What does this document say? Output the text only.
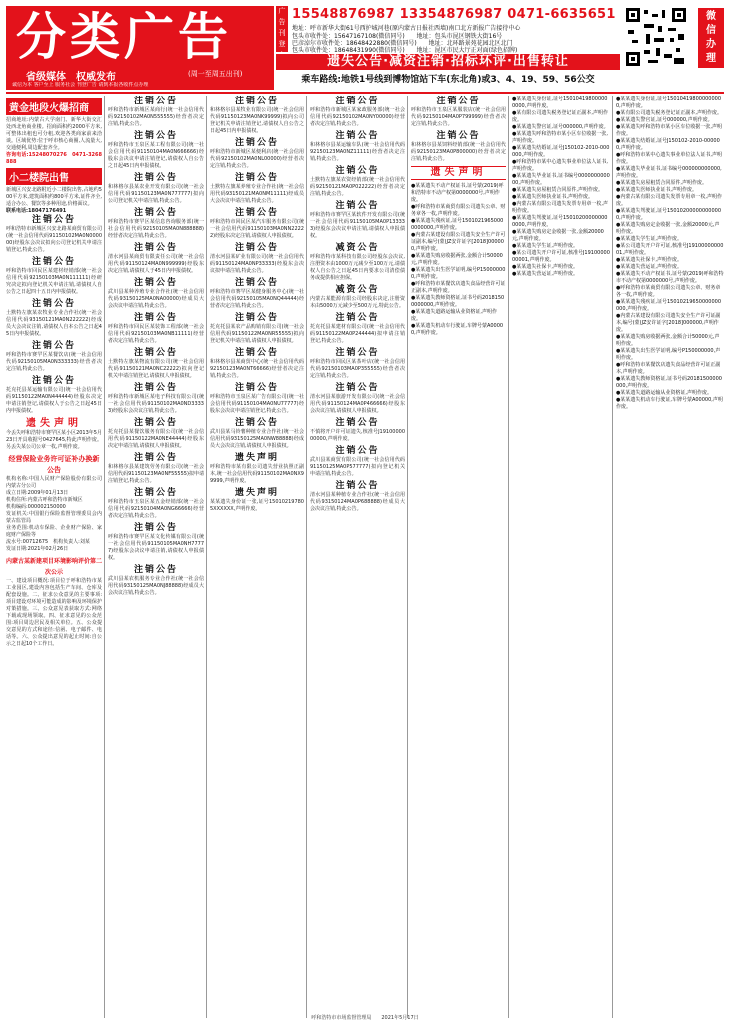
分类广告
省级媒体　权威发布	(周一至周五出刊)
诚信为本 客户至上 服务社会 刊登广告 请到本报各收件点办理
广告刊登
15548876987 13354876987 0471-6635651
地址：呼市新华大街61号西护城河巷(原内蒙古日报社西墙)南口北方新报广告接待中心
包头市收件处：15647167108(微信同号)　　地址：包头市昆区钢铁大街16号
巴彦淖尔市收件处：18648422880(微信同号)　　地址：北环路景苑花园北区北门
包头市收件处：18648431990(微信同号)　　地址：昆区市民大厅正对面(绿色招牌)
遗失公告·减资注销·招标环评·出售转让
乘车路线:地铁1号线到博物馆站下车(东北角)或3、4、19、59、56公交
微信办理
黄金地段火爆招商
招商地址:内蒙古大学南门、新华大街交汇处西北角商业楼。招商面积约2000平方米,可整体出租也可分租,欢迎各类商家前来洽谈。区域优势:位于呼市核心商圈,人流量大,交通便利,周边配套齐全。
咨询电话:15248070276　0471-3268888
小二楼院出售
新城区兴安北路附近小二楼院出售,占地约500平方米,建筑面积约800平方米,证件齐全,适合办公、餐饮等多种用途,价格面议。
联系电话:18047176491
注销公告
呼和浩特市新城区兴安北路某商贸有限公司(统一社会信用代码91150102MA0N000000)经股东会决议拟向公司登记机关申请注销登记,特此公告。
注销公告
呼和浩特市回民区某建材经销部(统一社会信用代码92150103MA0N111111)经研究决定拟向登记机关申请注销,请债权人自公告之日起四十五日内申报债权。
注销公告
土默特左旗某农牧业专业合作社(统一社会信用代码93150121MA0N222222)经成员大会决议注销,请债权人自本公告之日起45日内申报债权。
注销公告
呼和浩特市赛罕区某餐饮店(统一社会信用代码92150105MA0N333333)经营者决定注销,特此公告。
注销公告
托克托县某运输有限公司(统一社会信用代码91150122MA0N444444)经股东决定申请注销登记,请债权人于公告之日起45日内申报债权。
遗失声明
今丢失呼和浩特市赛罕区某小区2013年5月23日开具收据号0427645,特此声明作废。另丢失某公司公章一枚,声明作废。
经营保险业务许可证补办换新公告
机构名称:中国人民财产保险股份有限公司内蒙古分公司
成立日期:2009年01月13日
机构住所:内蒙古呼和浩特市新城区
机构编码:000002150000
发证机关:中国银行保险监督管理委员会内蒙古监管局
业务范围:机动车保险、企业财产保险、家庭财产保险等
流水号:00712675　机构负责人:刘某
发证日期:2021年02月26日
内蒙古某新建项目环境影响评价第二次公示
一、建设项目概况:项目位于呼和浩特市某工业园区,建设内容包括生产车间、仓库及配套设施。二、征求公众意见的主要事项:项目建设对环境可能造成的影响及环境保护对策措施。三、公众意见表获取方式:网络下载或现场领取。四、征求意见的公众范围:项目周边居民及相关单位。五、公众提交意见的方式和途径:信函、电子邮件、电话等。六、公众提出意见的起止时间:自公示之日起10个工作日。
注销公告
呼和浩特市新城区某商行(统一社会信用代码92150102MA0N555555)经营者决定注销,特此公告。
注销公告
呼和浩特市玉泉区某工程有限公司(统一社会信用代码91150104MA0N666666)经股东会决议申请注销登记,请债权人自公告之日起45日内申报债权。
注销公告
和林格尔县某农业开发有限公司(统一社会信用代码91150123MA0N777777)拟向公司登记机关申请注销,特此公告。
注销公告
呼和浩特市赛罕区某信息咨询服务部(统一社会信用代码92150105MA0N888888)经营者决定注销,特此公告。
注销公告
清水河县某商贸有限责任公司(统一社会信用代码91150124MA0N999999)经股东决定注销,请债权人于45日内申报债权。
注销公告
武川县某种养殖专业合作社(统一社会信用代码93150125MA0NA00000)经成员大会决议申请注销,特此公告。
注销公告
呼和浩特市回民区某装饰工程部(统一社会信用代码92150103MA0NB11111)经营者决定注销,特此公告。
注销公告
土默特左旗某物流有限公司(统一社会信用代码91150121MA0NC22222)拟向登记机关申请注销登记,请债权人申报债权。
注销公告
呼和浩特市新城区某电子科技有限公司(统一社会信用代码91150102MA0ND33333)经股东会决议注销,特此公告。
注销公告
托克托县某餐饮服务有限公司(统一社会信用代码91150122MA0NE44444)经股东决定申请注销,请债权人申报债权。
注销公告
和林格尔县某建筑劳务有限公司(统一社会信用代码91150123MA0NF55555)拟申请注销登记,特此公告。
注销公告
呼和浩特市玉泉区某五金经销部(统一社会信用代码92150104MA0NG66666)经营者决定注销,特此公告。
注销公告
呼和浩特市赛罕区某文化传媒有限公司(统一社会信用代码91150105MA0NH77777)经股东会决议申请注销,请债权人申报债权。
注销公告
武川县某农机服务专业合作社(统一社会信用代码93150125MA0NJ88888)经成员大会决议注销,特此公告。
注销公告
和林格尔县某牧业有限公司(统一社会信用代码91150123MA0NK99999)拟向公司登记机关申请注销登记,请债权人自公告之日起45日内申报债权。
注销公告
呼和浩特市新城区某便利店(统一社会信用代码92150102MA0NL00000)经营者决定注销,特此公告。
注销公告
土默特左旗某养殖专业合作社(统一社会信用代码93150121MA0NM11111)经成员大会决议申请注销,特此公告。
注销公告
呼和浩特市回民区某汽车服务有限公司(统一社会信用代码91150103MA0NN22222)经股东决定注销,请债权人申报债权。
注销公告
清水河县某矿业有限公司(统一社会信用代码91150124MA0NP33333)经股东会决议拟申请注销,特此公告。
注销公告
呼和浩特市赛罕区某健身服务中心(统一社会信用代码92150105MA0NQ44444)经营者决定注销,特此公告。
注销公告
托克托县某农产品购销有限公司(统一社会信用代码91150122MA0NR55555)拟向登记机关申请注销,请债权人申报债权。
注销公告
和林格尔县某商贸中心(统一社会信用代码92150123MA0NT66666)经营者决定注销,特此公告。
注销公告
呼和浩特市玉泉区某广告有限公司(统一社会信用代码91150104MA0NU77777)经股东会决议申请注销登记,特此公告。
注销公告
武川县某马铃薯种植专业合作社(统一社会信用代码93150125MA0NW88888)经成员大会决议注销,请债权人申报债权。
遗失声明
呼和浩特市某有限公司遗失营业执照正副本,统一社会信用代码91150102MA0NX99999,声明作废。
遗失声明
某某遗失身份证一张,证号150102197805XXXXXX,声明作废。
注销公告
呼和浩特市新城区某家政服务部(统一社会信用代码92150102MA0NY00000)经营者决定注销,特此公告。
注销公告
和林格尔县某运输车队(统一社会信用代码92150123MA0NZ11111)经营者决定注销,特此公告。
注销公告
土默特左旗某农资经销部(统一社会信用代码92150121MA0P022222)经营者决定注销,特此公告。
注销公告
呼和浩特市赛罕区某软件开发有限公司(统一社会信用代码91150105MA0P133333)经股东会决议申请注销,请债权人申报债权。
减资公告
呼和浩特市某科技有限公司经股东会决议,注册资本由1000万元减少至100万元,请债权人自公告之日起45日内要求公司清偿债务或提供相应担保。
减资公告
内蒙古某能源有限公司经股东决定,注册资本由5000万元减少至500万元,特此公告。
注销公告
托克托县某建材有限公司(统一社会信用代码91150122MA0P244444)拟申请注销登记,特此公告。
注销公告
呼和浩特市回民区某茶叶店(统一社会信用代码92150103MA0P355555)经营者决定注销,特此公告。
注销公告
清水河县某旅游开发有限公司(统一社会信用代码91150124MA0P466666)经股东会决议注销,请债权人申报债权。
注销公告
不慎将开户许可证遗失,核准号J1910000000000,声明作废。
注销公告
武川县某商贸有限公司(统一社会信用代码91150125MA0P577777)拟向登记机关申请注销,特此公告。
注销公告
清水河县某种植专业合作社(统一社会信用代码93150124MA0P688888)经成员大会决议注销,特此公告。
注销公告
呼和浩特市玉泉区某服装店(统一社会信用代码92150104MA0P799999)经营者决定注销,特此公告。
注销公告
和林格尔县某饲料经销部(统一社会信用代码92150123MA0P800000)经营者决定注销,特此公告。
遗失声明
●某某遗失不动产权证书,证号蒙(2019)呼和浩特市不动产权第0000000号,声明作废。
●呼和浩特市某商贸有限公司遗失公章、财务章各一枚,声明作废。
●某某遗失残疾证,证号15010219650000000000,声明作废。
●内蒙古某建设有限公司遗失安全生产许可证副本,编号(蒙)JZ安许证字[2018]000000,声明作废。
●某某遗失购房收据两张,金额合计50000元,声明作废。
●某某遗失出生医学证明,编号P150000000,声明作废。
●呼和浩特市某餐饮店遗失食品经营许可证正副本,声明作废。
●某某遗失教师资格证,证书号码20181500000000,声明作废。
●某某遗失道路运输从业资格证,声明作废。
●某某遗失机动车行驶证,车牌号蒙A00000,声明作废。
●某某遗失身份证,证号150104198000000000,声明作废。
●某有限公司遗失税务登记证正副本,声明作废。
●某某遗失警官证,证号000000,声明作废。
●某某遗失呼和浩特市某小区车位收据一张,声明作废。
●某某遗失结婚证,证号J150102-2010-000000,声明作废。
●呼和浩特市某中心遗失事业单位法人证书,声明作废。
●某某遗失毕业证书,证书编号000000000000,声明作废。
●某某遗失房屋租赁合同原件,声明作废。
●某某遗失医师执业证书,声明作废。
●内蒙古某有限公司遗失发票专用章一枚,声明作废。
●某某遗失驾驶证,证号150102000000000000,声明作废。
●某某遗失购房定金收据一张,金额20000元,声明作废。
●某某遗失学生证,声明作废。
●某公司遗失开户许可证,核准号J1910000000001,声明作废。
●某某遗失社保卡,声明作废。
●某某遗失营运证,声明作废。
●某某遗失身份证,证号150104198000000000,声明作废。
●某有限公司遗失税务登记证正副本,声明作废。
●某某遗失警官证,证号000000,声明作废。
●某某遗失呼和浩特市某小区车位收据一张,声明作废。
●某某遗失结婚证,证号J150102-2010-000000,声明作废。
●呼和浩特市某中心遗失事业单位法人证书,声明作废。
●某某遗失毕业证书,证书编号000000000000,声明作废。
●某某遗失房屋租赁合同原件,声明作废。
●某某遗失医师执业证书,声明作废。
●内蒙古某有限公司遗失发票专用章一枚,声明作废。
●某某遗失驾驶证,证号150102000000000000,声明作废。
●某某遗失购房定金收据一张,金额20000元,声明作废。
●某某遗失学生证,声明作废。
●某公司遗失开户许可证,核准号J1910000000001,声明作废。
●某某遗失社保卡,声明作废。
●某某遗失营运证,声明作废。
●某某遗失不动产权证书,证号蒙(2019)呼和浩特市不动产权第0000000号,声明作废。
●呼和浩特市某商贸有限公司遗失公章、财务章各一枚,声明作废。
●某某遗失残疾证,证号15010219650000000000,声明作废。
●内蒙古某建设有限公司遗失安全生产许可证副本,编号(蒙)JZ安许证字[2018]000000,声明作废。
●某某遗失购房收据两张,金额合计50000元,声明作废。
●某某遗失出生医学证明,编号P150000000,声明作废。
●呼和浩特市某餐饮店遗失食品经营许可证正副本,声明作废。
●某某遗失教师资格证,证书号码20181500000000,声明作废。
●某某遗失道路运输从业资格证,声明作废。
●某某遗失机动车行驶证,车牌号蒙A00000,声明作废。
呼和浩特市市场监督管理局　　2021年5月17日
